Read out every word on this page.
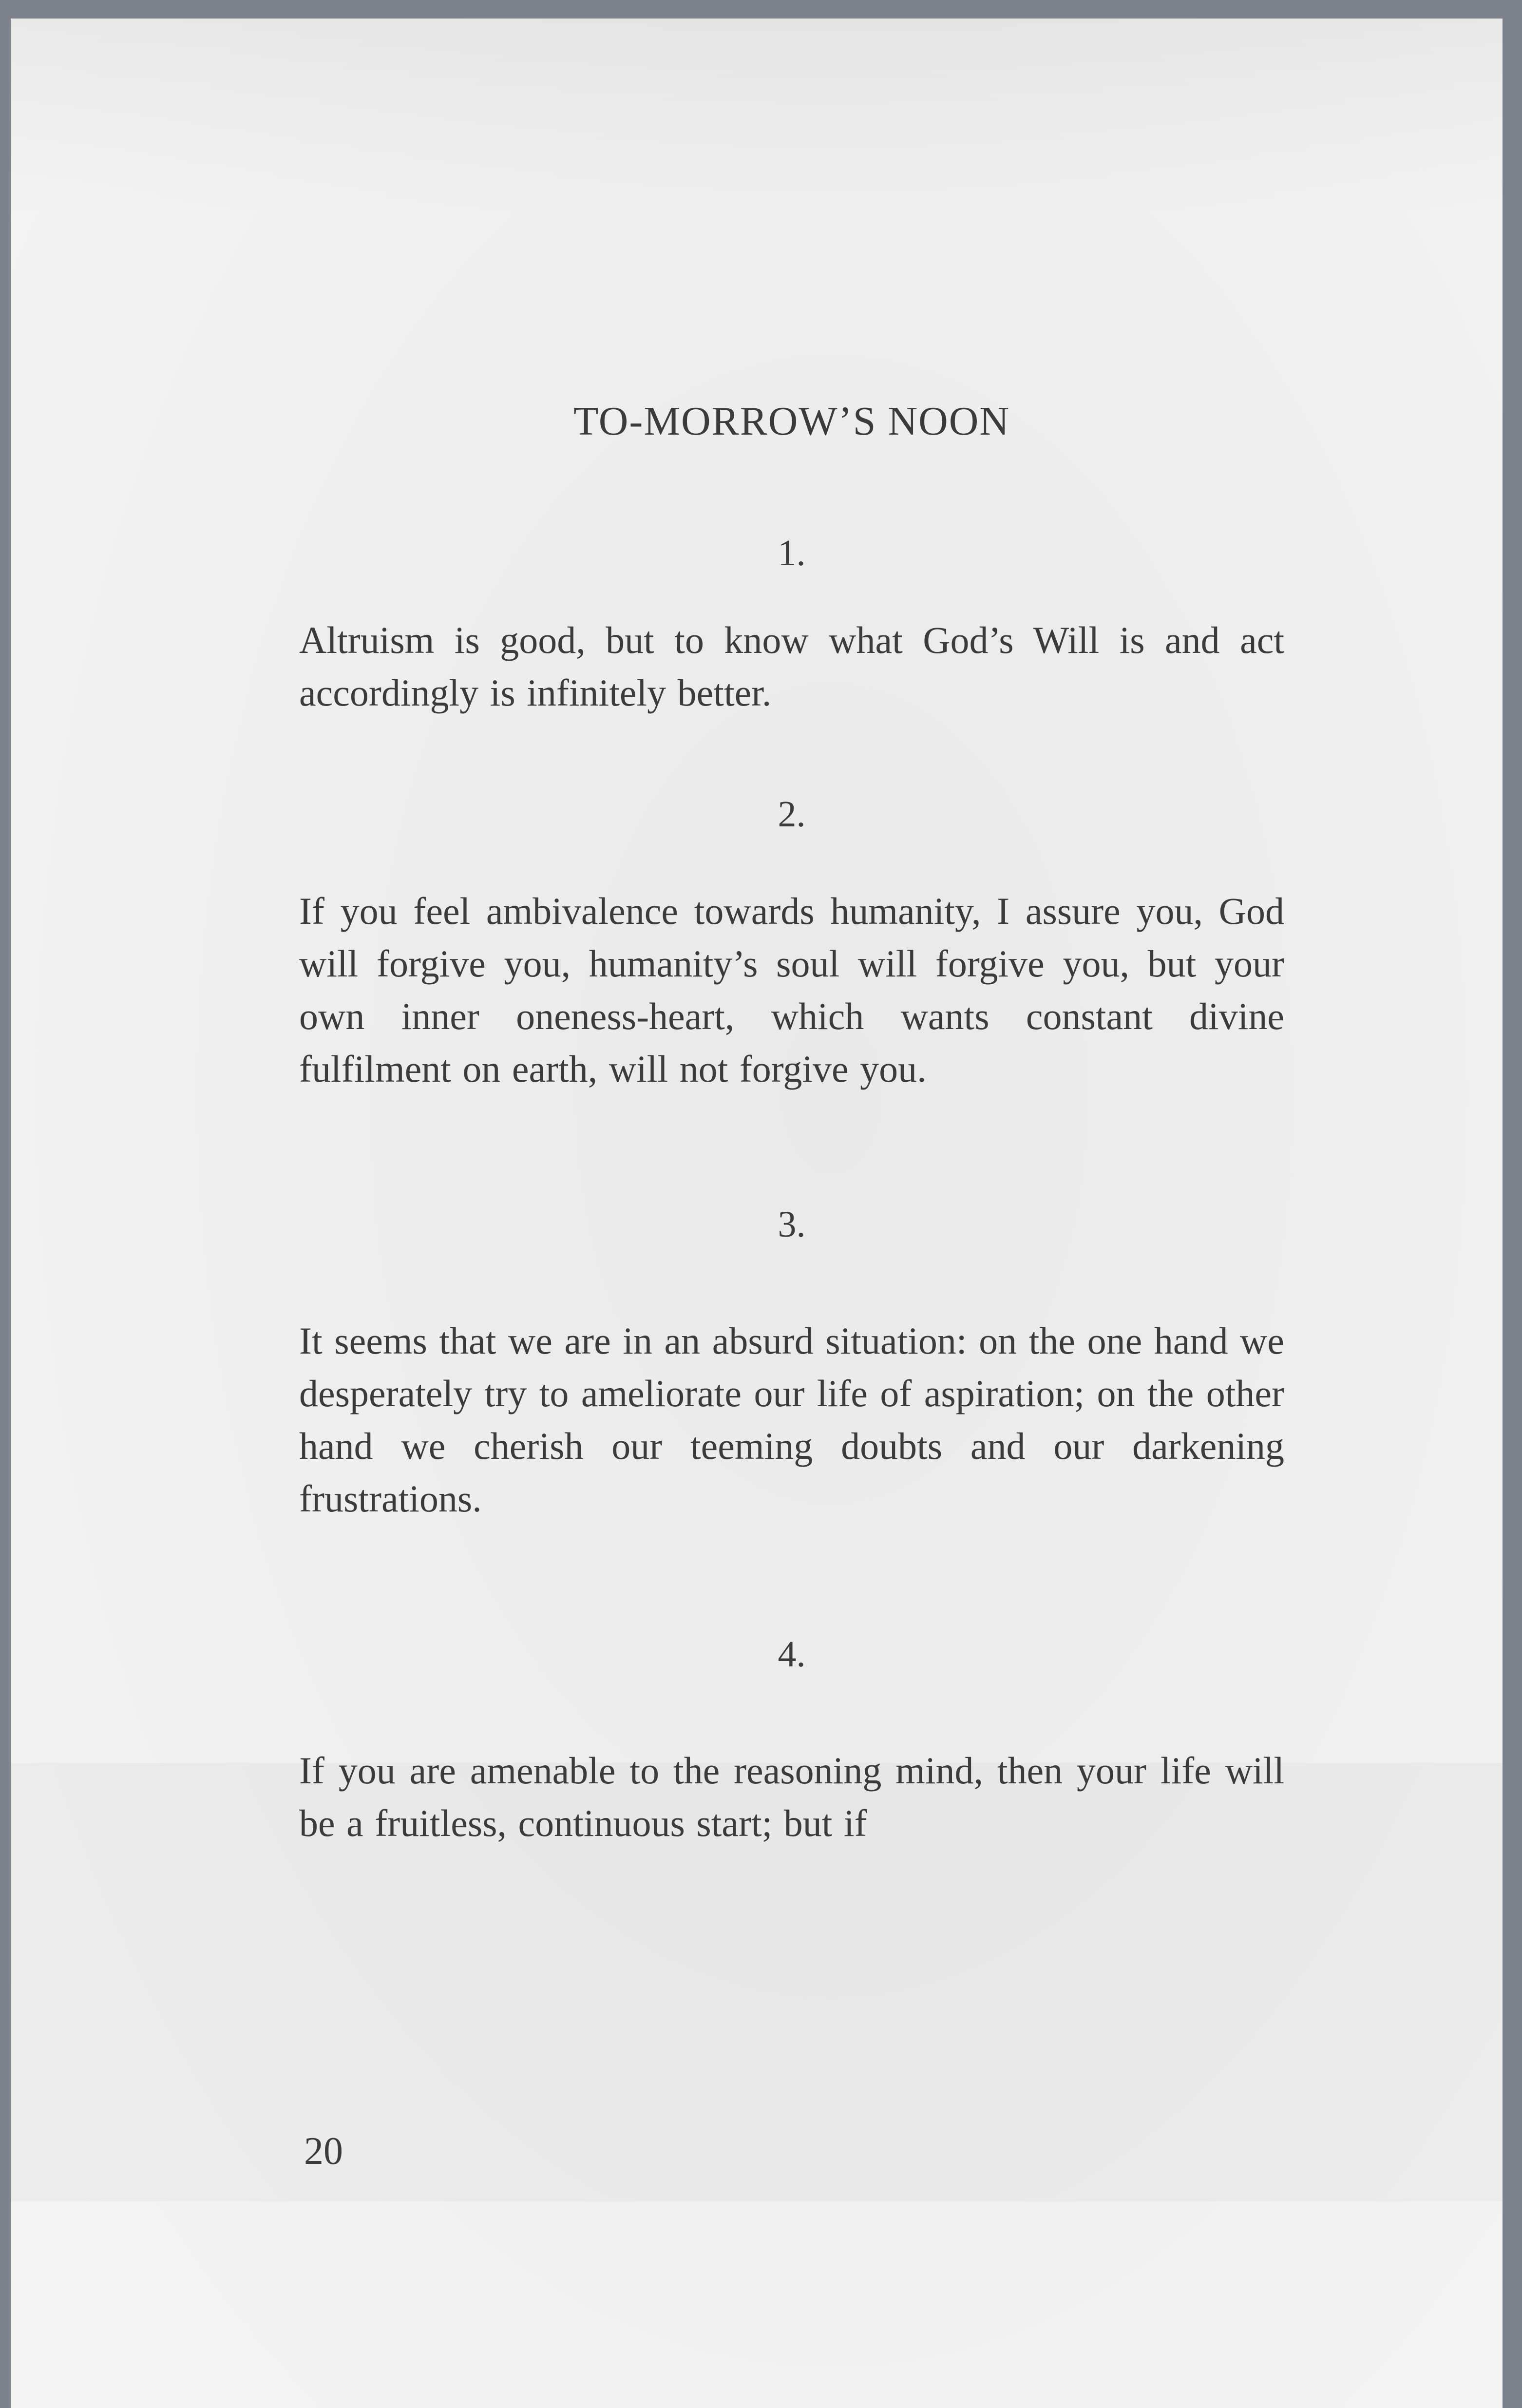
TO-MORROW’S NOON
1.

Altruism is good, but to know what God’s Will is and act accordingly is infinitely better.

2.

If you feel ambivalence towards humanity, I assure you, God will forgive you, humanity’s soul will forgive you, but your own inner oneness-heart, which wants constant divine fulfilment on earth, will not forgive you.

3.

It seems that we are in an absurd situation: on the one hand we desperately try to ameliorate our life of aspiration; on the other hand we cherish our teeming doubts and our darkening frustrations.

4.

If you are amenable to the reasoning mind, then your life will be a fruitless, continuous start; but if

20
